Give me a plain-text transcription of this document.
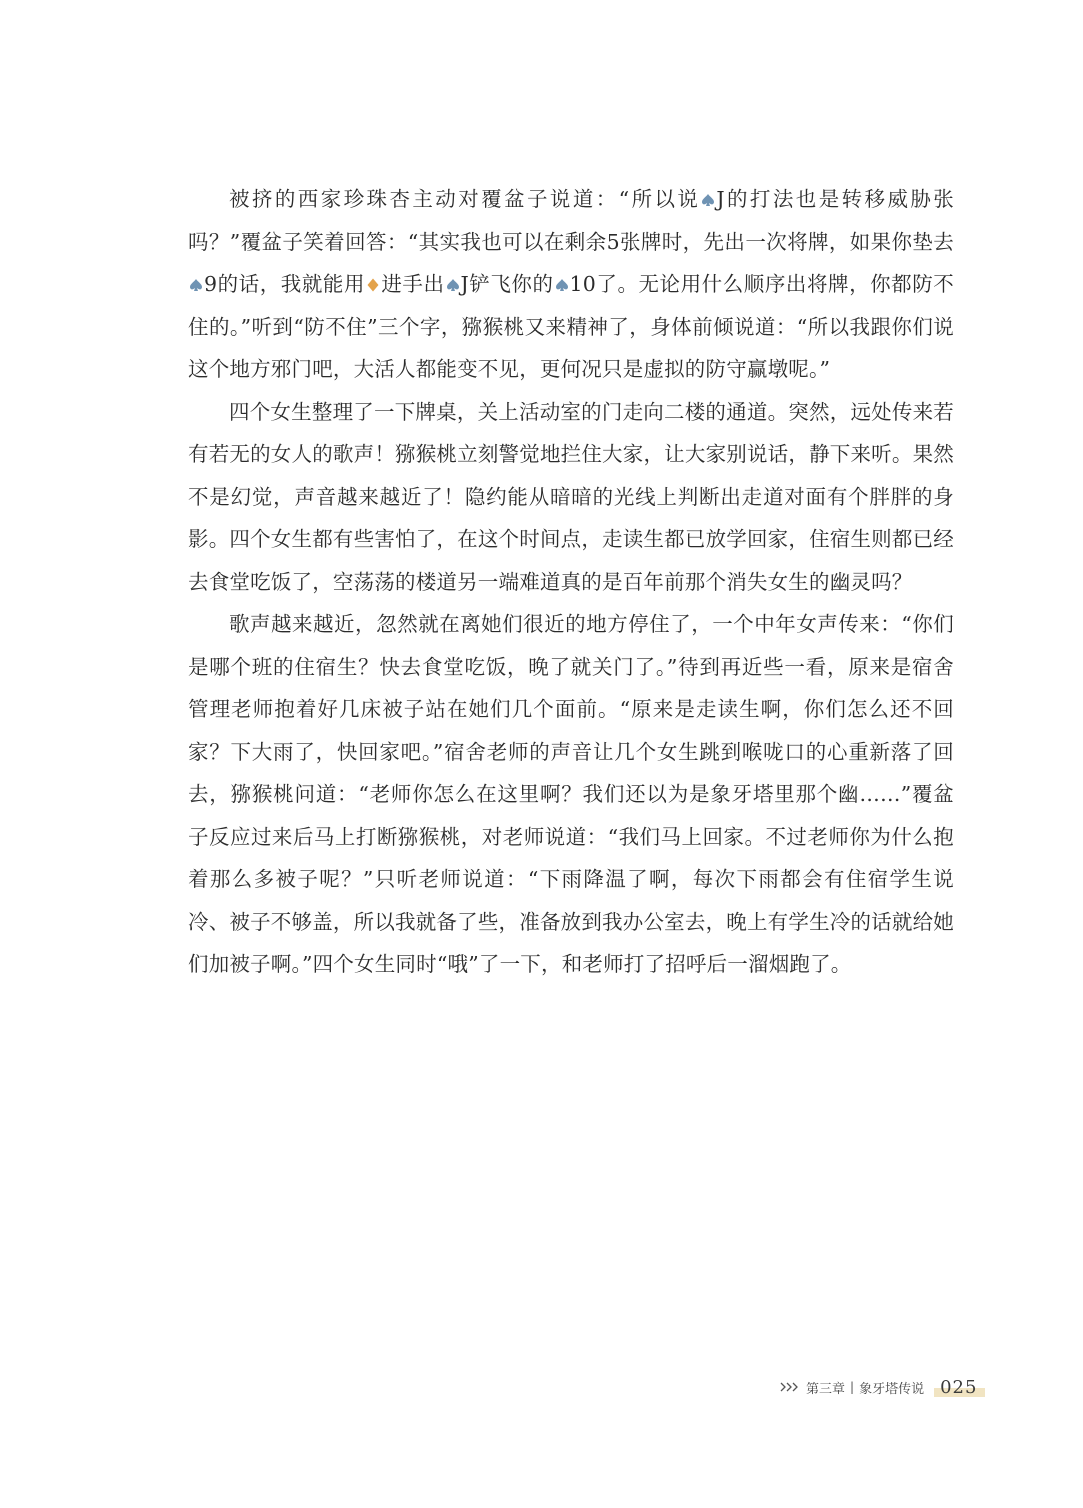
被挤的西家珍珠杏主动对覆盆子说道：“所以说 J的打法也是转移威胁张吗？”覆盆子笑着回答：“其实我也可以在剩余5张牌时，先出一次将牌，如果你垫去
9的话，我就能用 进手出 J铲飞你的 10了。无论用什么顺序出将牌，你都防不住的。”听到“防不住”三个字，猕猴桃又来精神了，身体前倾说道：“所以我跟你们说这个地方邪门吧，大活人都能变不见，更何况只是虚拟的防守赢墩呢。”

四个女生整理了一下牌桌，关上活动室的门走向二楼的通道。突然，远处传来若有若无的女人的歌声！猕猴桃立刻警觉地拦住大家，让大家别说话，静下来听。果然不是幻觉，声音越来越近了！隐约能从暗暗的光线上判断出走道对面有个胖胖的身影。四个女生都有些害怕了，在这个时间点，走读生都已放学回家，住宿生则都已经去食堂吃饭了，空荡荡的楼道另一端难道真的是百年前那个消失女生的幽灵吗？

歌声越来越近，忽然就在离她们很近的地方停住了，一个中年女声传来：“你们是哪个班的住宿生？快去食堂吃饭，晚了就关门了。”待到再近些一看，原来是宿舍管理老师抱着好几床被子站在她们几个面前。“原来是走读生啊，你们怎么还不回家？下大雨了，快回家吧。”宿舍老师的声音让几个女生跳到喉咙口的心重新落了回去，猕猴桃问道：“老师你怎么在这里啊？我们还以为是象牙塔里那个幽……”覆盆子反应过来后马上打断猕猴桃，对老师说道：“我们马上回家。不过老师你为什么抱着那么多被子呢？”只听老师说道：“下雨降温了啊，每次下雨都会有住宿学生说冷、被子不够盖，所以我就备了些，准备放到我办公室去，晚上有学生冷的话就给她们加被子啊。”四个女生同时“哦”了一下，和老师打了招呼后一溜烟跑了。

第三章 | 象牙塔传说 025
